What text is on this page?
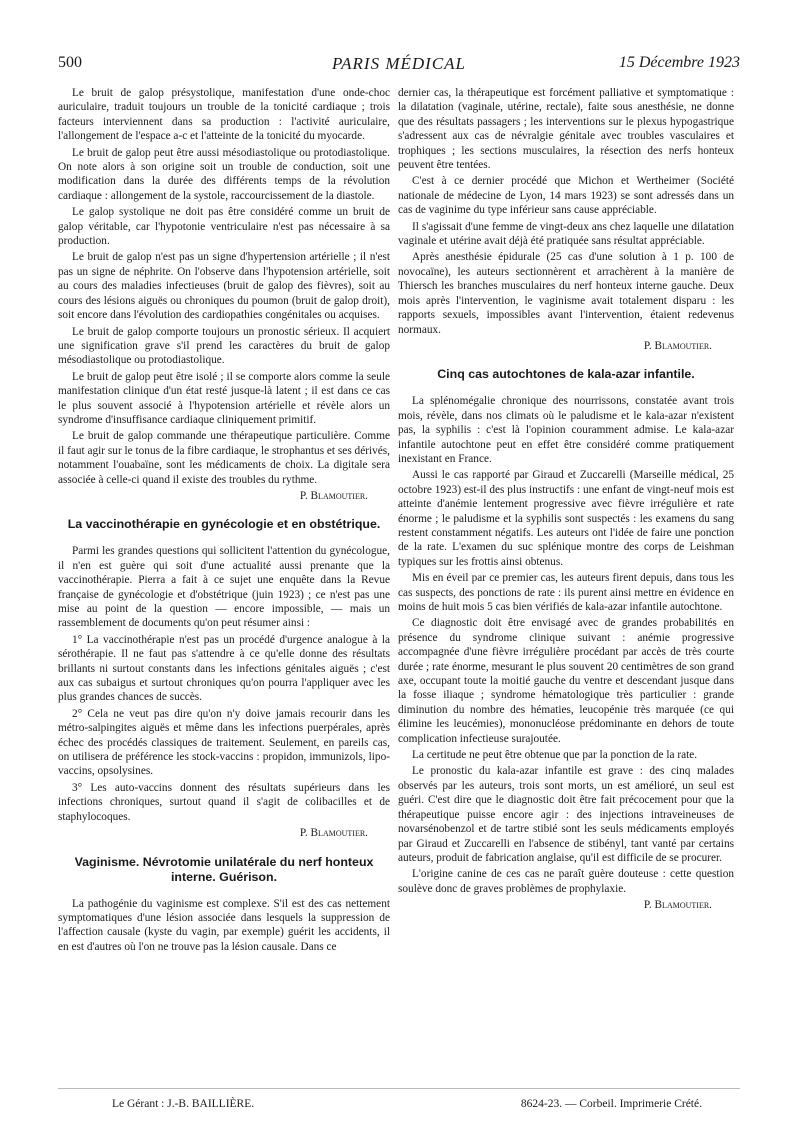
500	PARIS MÉDICAL	15 Décembre 1923

Le bruit de galop présystolique, manifestation d'une onde-choc auriculaire, traduit toujours un trouble de la tonicité cardiaque ; trois facteurs interviennent dans sa production : l'activité auriculaire, l'allongement de l'espace a-c et l'atteinte de la tonicité du myocarde.

Le bruit de galop peut être aussi mésodiastolique ou protodiastolique. On note alors à son origine soit un trouble de conduction, soit une modification dans la durée des différents temps de la révolution cardiaque : allongement de la systole, raccourcissement de la diastole.

Le galop systolique ne doit pas être considéré comme un bruit de galop véritable, car l'hypotonie ventriculaire n'est pas nécessaire à sa production.

Le bruit de galop n'est pas un signe d'hypertension artérielle ; il n'est pas un signe de néphrite. On l'observe dans l'hypotension artérielle, soit au cours des maladies infectieuses (bruit de galop des fièvres), soit au cours des lésions aiguës ou chroniques du poumon (bruit de galop droit), soit encore dans l'évolution des cardiopathies congénitales ou acquises.

Le bruit de galop comporte toujours un pronostic sérieux. Il acquiert une signification grave s'il prend les caractères du bruit de galop mésodiastolique ou protodiastolique.

Le bruit de galop peut être isolé ; il se comporte alors comme la seule manifestation clinique d'un état resté jusque-là latent ; il est dans ce cas le plus souvent associé à l'hypotension artérielle et révèle alors un syndrome d'insuffisance cardiaque cliniquement primitif.

Le bruit de galop commande une thérapeutique particulière. Comme il faut agir sur le tonus de la fibre cardiaque, le strophantus et ses dérivés, notamment l'ouabaïne, sont les médicaments de choix. La digitale sera associée à celle-ci quand il existe des troubles du rythme.

P. Blamoutier.
La vaccinothérapie en gynécologie et en obstétrique.

Parmi les grandes questions qui sollicitent l'attention du gynécologue, il n'en est guère qui soit d'une actualité aussi prenante que la vaccinothérapie. Pierra a fait à ce sujet une enquête dans la Revue française de gynécologie et d'obstétrique (juin 1923) ; ce n'est pas une mise au point de la question — encore impossible, — mais un rassemblement de documents qu'on peut résumer ainsi :

1° La vaccinothérapie n'est pas un procédé d'urgence analogue à la sérothérapie. Il ne faut pas s'attendre à ce qu'elle donne des résultats brillants ni surtout constants dans les infections génitales aiguës ; c'est aux cas subaigus et surtout chroniques qu'on pourra l'appliquer avec les plus grandes chances de succès.

2° Cela ne veut pas dire qu'on n'y doive jamais recourir dans les métro-salpingites aiguës et même dans les infections puerpérales, après échec des procédés classiques de traitement. Seulement, en pareils cas, on utilisera de préférence les stock-vaccins : propidon, immunizols, lipo-vaccins, opsolysines.

3° Les auto-vaccins donnent des résultats supérieurs dans les infections chroniques, surtout quand il s'agit de colibacilles et de staphylocoques.

P. Blamoutier.
Vaginisme. Névrotomie unilatérale du nerf honteux interne. Guérison.

La pathogénie du vaginisme est complexe. S'il est des cas nettement symptomatiques d'une lésion associée dans lesquels la suppression de l'affection causale (kyste du vagin, par exemple) guérit les accidents, il en est d'autres où l'on ne trouve pas la lésion causale. Dans ce

dernier cas, la thérapeutique est forcément palliative et symptomatique : la dilatation (vaginale, utérine, rectale), faite sous anesthésie, ne donne que des résultats passagers ; les interventions sur le plexus hypogastrique s'adressent aux cas de névralgie génitale avec troubles vasculaires et trophiques ; les sections musculaires, la résection des nerfs honteux peuvent être tentées.

C'est à ce dernier procédé que Michon et Wertheimer (Société nationale de médecine de Lyon, 14 mars 1923) se sont adressés dans un cas de vaginime du type inférieur sans cause appréciable.

Il s'agissait d'une femme de vingt-deux ans chez laquelle une dilatation vaginale et utérine avait déjà été pratiquée sans résultat appréciable.

Après anesthésie épidurale (25 cas d'une solution à 1 p. 100 de novocaïne), les auteurs sectionnèrent et arrachèrent à la manière de Thiersch les branches musculaires du nerf honteux interne gauche. Deux mois après l'intervention, le vaginisme avait totalement disparu : les rapports sexuels, impossibles avant l'intervention, étaient redevenus normaux.

P. Blamoutier.
Cinq cas autochtones de kala-azar infantile.

La splénomégalie chronique des nourrissons, constatée avant trois mois, révèle, dans nos climats où le paludisme et le kala-azar n'existent pas, la syphilis : c'est là l'opinion couramment admise. Le kala-azar infantile autochtone peut en effet être considéré comme pratiquement inexistant en France.

Aussi le cas rapporté par Giraud et Zuccarelli (Marseille médical, 25 octobre 1923) est-il des plus instructifs : une enfant de vingt-neuf mois est atteinte d'anémie lentement progressive avec fièvre irrégulière et rate énorme ; le paludisme et la syphilis sont suspectés : les examens du sang restent constamment négatifs. Les auteurs ont l'idée de faire une ponction de la rate. L'examen du suc splénique montre des corps de Leishman typiques sur les frottis ainsi obtenus.

Mis en éveil par ce premier cas, les auteurs firent depuis, dans tous les cas suspects, des ponctions de rate : ils purent ainsi mettre en évidence en moins de huit mois 5 cas bien vérifiés de kala-azar infantile autochtone.

Ce diagnostic doit être envisagé avec de grandes probabilités en présence du syndrome clinique suivant : anémie progressive accompagnée d'une fièvre irrégulière procédant par accès de très courte durée ; rate énorme, mesurant le plus souvent 20 centimètres de son grand axe, occupant toute la moitié gauche du ventre et descendant jusque dans la fosse iliaque ; syndrome hématologique très particulier : grande diminution du nombre des hématies, leucopénie très marquée (ce qui élimine les leucémies), mononucléose prédominante en dehors de toute complication infectieuse surajoutée.

La certitude ne peut être obtenue que par la ponction de la rate.

Le pronostic du kala-azar infantile est grave : des cinq malades observés par les auteurs, trois sont morts, un est amélioré, un seul est guéri. C'est dire que le diagnostic doit être fait précocement pour que la thérapeutique puisse encore agir : des injections intraveineuses de novarsénobenzol et de tartre stibié sont les seuls médicaments employés par Giraud et Zuccarelli en l'absence de stibényl, tant vanté par certains auteurs, produit de fabrication anglaise, qu'il est difficile de se procurer.

L'origine canine de ces cas ne paraît guère douteuse : cette question soulève donc de graves problèmes de prophylaxie.

P. Blamoutier.
Le Gérant : J.-B. BAILLIÈRE.	8624-23. — Corbeil. Imprimerie Crété.
